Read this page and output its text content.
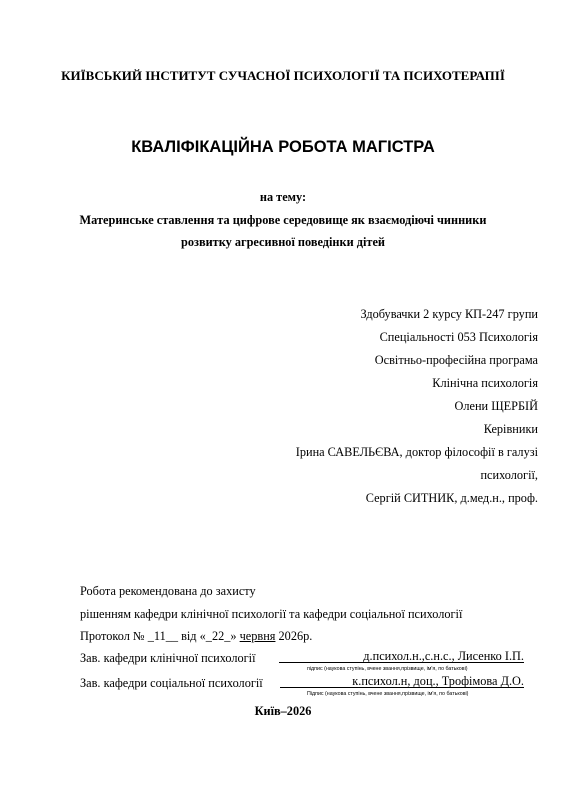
КИЇВСЬКИЙ ІНСТИТУТ СУЧАСНОЇ ПСИХОЛОГІЇ ТА ПСИХОТЕРАПІЇ
КВАЛІФІКАЦІЙНА РОБОТА МАГІСТРА
на тему:
Материнське ставлення та цифрове середовище як взаємодіючі чинники
розвитку агресивної поведінки дітей
Здобувачки 2 курсу КП-247 групи
Спеціальності 053 Психологія
Освітньо-професійна програма
Клінічна психологія
Олени ЩЕРБІЙ
Керівники
Ірина САВЕЛЬЄВА, доктор філософії в галузі
психології,
Сергій СИТНИК, д.мед.н., проф.
Робота рекомендована до захисту
рішенням кафедри клінічної психології та кафедри соціальної психології
Протокол № _11__ від «_22_» червня 2026р.
Зав. кафедри клінічної психології	д.психол.н.,с.н.с., Лисенко І.П.
підпис (наукова ступінь, вчене звання,прізвище, ім'я, по батькові)
Зав. кафедри соціальної психології	к.психол.н, доц., Трофімова Д.О.
Підпис (наукова ступінь, вчене звання,прізвище, ім'я, по батькові)
Київ–2026
